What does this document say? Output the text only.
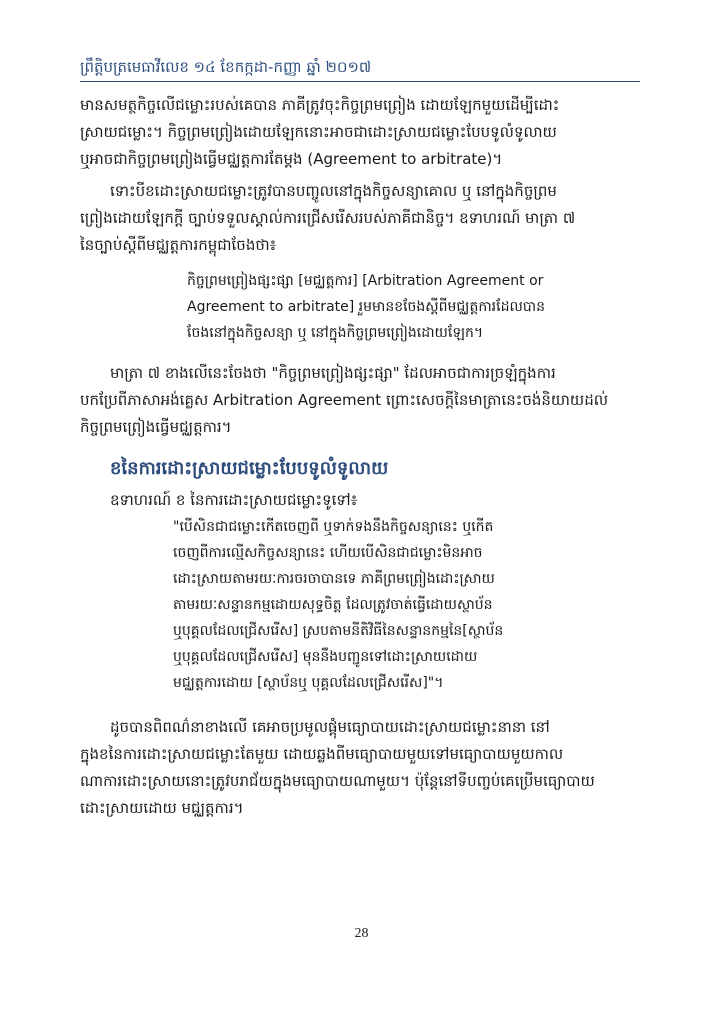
ព្រឹត្តិបត្រមេធាវីលេខ ១៤ ខែកក្កដា-កញ្ញា ឆ្នាំ ២០១៧
មានសមត្ថកិច្ចលើជម្លោះរបស់គេបាន ភាគីត្រូវចុះកិច្ចព្រមព្រៀង ដោយឡែកមួយដើម្បីដោះ
ស្រាយជម្លោះ។ កិច្ចព្រមព្រៀងដោយឡែកនោះអាចជាដោះស្រាយជម្លោះបែបទូលំទូលាយ
ឬអាចជាកិច្ចព្រមព្រៀងធ្វើមជ្ឈត្តការតែម្តង (Agreement to arbitrate)។
ទោះបីខដោះស្រាយជម្លោះត្រូវបានបញ្ចូលនៅក្នុងកិច្ចសន្យាគោល ឬ នៅក្នុងកិច្ចព្រម
ព្រៀងដោយឡែកក្តី ច្បាប់ទទួលស្គាល់ការជ្រើសរើសរបស់ភាគីជានិច្ច។ ឧទាហរណ៍ មាត្រា ៧
នៃច្បាប់ស្តីពីមជ្ឈត្តការកម្ពុជាចែងថា៖
កិច្ចព្រមព្រៀងផ្សះផ្សា [មជ្ឈត្តការ] [Arbitration Agreement or
Agreement to arbitrate] រួមមានខចែងស្តីពីមជ្ឈត្តការដែលបាន
ចែងនៅក្នុងកិច្ចសន្យា ឬ នៅក្នុងកិច្ចព្រមព្រៀងដោយឡែក។
មាត្រា ៧ ខាងលើនេះចែងថា "កិច្ចព្រមព្រៀងផ្សះផ្សា" ដែលអាចជាការច្រឡំក្នុងការ
បកប្រែពីភាសាអង់គ្លេស Arbitration Agreement ព្រោះសេចក្តីនៃមាត្រានេះចង់និយាយដល់
កិច្ចព្រមព្រៀងធ្វើមជ្ឈត្តការ។
ខនៃការដោះស្រាយជម្លោះបែបទូលំទូលាយ
ឧទាហរណ៍ ខ នៃការដោះស្រាយជម្លោះទូទៅ៖
"បើសិនជាជម្លោះកើតចេញពី ឬទាក់ទងនឹងកិច្ចសន្យានេះ ឬកើត
ចេញពីការល្មើសកិច្ចសន្យានេះ ហើយបើសិនជាជម្លោះមិនអាច
ដោះស្រាយតាមរយៈការចរចាបានទេ ភាគីព្រមព្រៀងដោះស្រាយ
តាមរយៈសន្ទានកម្មដោយសុទ្ធចិត្ត ដែលត្រូវចាត់ធ្វើដោយស្ថាប័ន
ឬបុគ្គលដែលជ្រើសរើស] ស្របតាមនីតិវិធីនៃសន្ទានកម្មនៃ[ស្ថាប័ន
ឬបុគ្គលដែលជ្រើសរើស] មុននឹងបញ្ជូនទៅដោះស្រាយដោយ
មជ្ឈត្តការដោយ [ស្ថាប័នឬ បុគ្គលដែលជ្រើសរើស]"។
ដូចបានពិពណ៌នាខាងលើ គេអាចប្រមូលផ្តុំមធ្យោបាយដោះស្រាយជម្លោះនានា នៅ
ក្នុងខនៃការដោះស្រាយជម្លោះតែមួយ ដោយឆ្លងពីមធ្យោបាយមួយទៅមធ្យោបាយមួយកាល
ណាការដោះស្រាយនោះត្រូវបរាជ័យក្នុងមធ្យោបាយណាមួយ។ ប៉ុន្តែនៅទីបញ្ចប់គេប្រើមធ្យោបាយ
ដោះស្រាយដោយ មជ្ឈត្តការ។
28
